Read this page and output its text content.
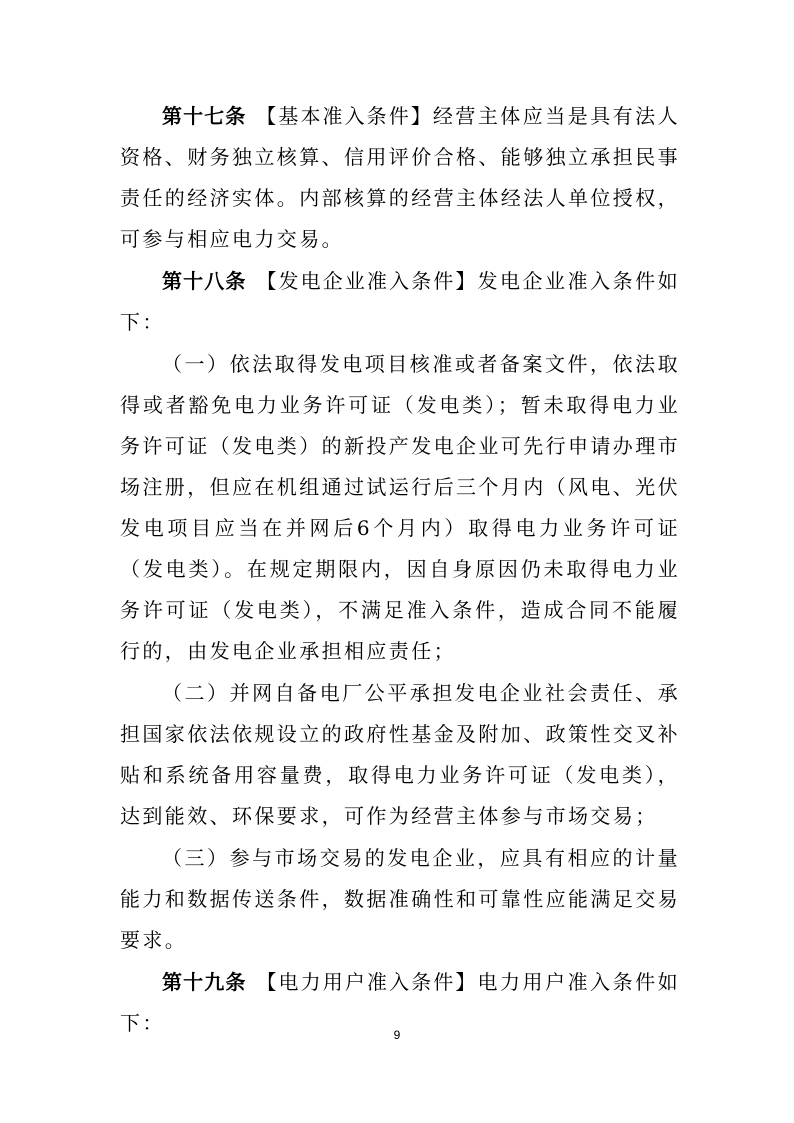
第十七条 【基本准入条件】经营主体应当是具有法人资格、财务独立核算、信用评价合格、能够独立承担民事责任的经济实体。内部核算的经营主体经法人单位授权，可参与相应电力交易。

第十八条 【发电企业准入条件】发电企业准入条件如下：

（一）依法取得发电项目核准或者备案文件，依法取得或者豁免电力业务许可证（发电类）；暂未取得电力业务许可证（发电类）的新投产发电企业可先行申请办理市场注册，但应在机组通过试运行后三个月内（风电、光伏发电项目应当在并网后6个月内）取得电力业务许可证（发电类）。在规定期限内，因自身原因仍未取得电力业务许可证（发电类），不满足准入条件，造成合同不能履行的，由发电企业承担相应责任；

（二）并网自备电厂公平承担发电企业社会责任、承担国家依法依规设立的政府性基金及附加、政策性交叉补贴和系统备用容量费，取得电力业务许可证（发电类），达到能效、环保要求，可作为经营主体参与市场交易；

（三）参与市场交易的发电企业，应具有相应的计量能力和数据传送条件，数据准确性和可靠性应能满足交易要求。

第十九条 【电力用户准入条件】电力用户准入条件如下：	9
